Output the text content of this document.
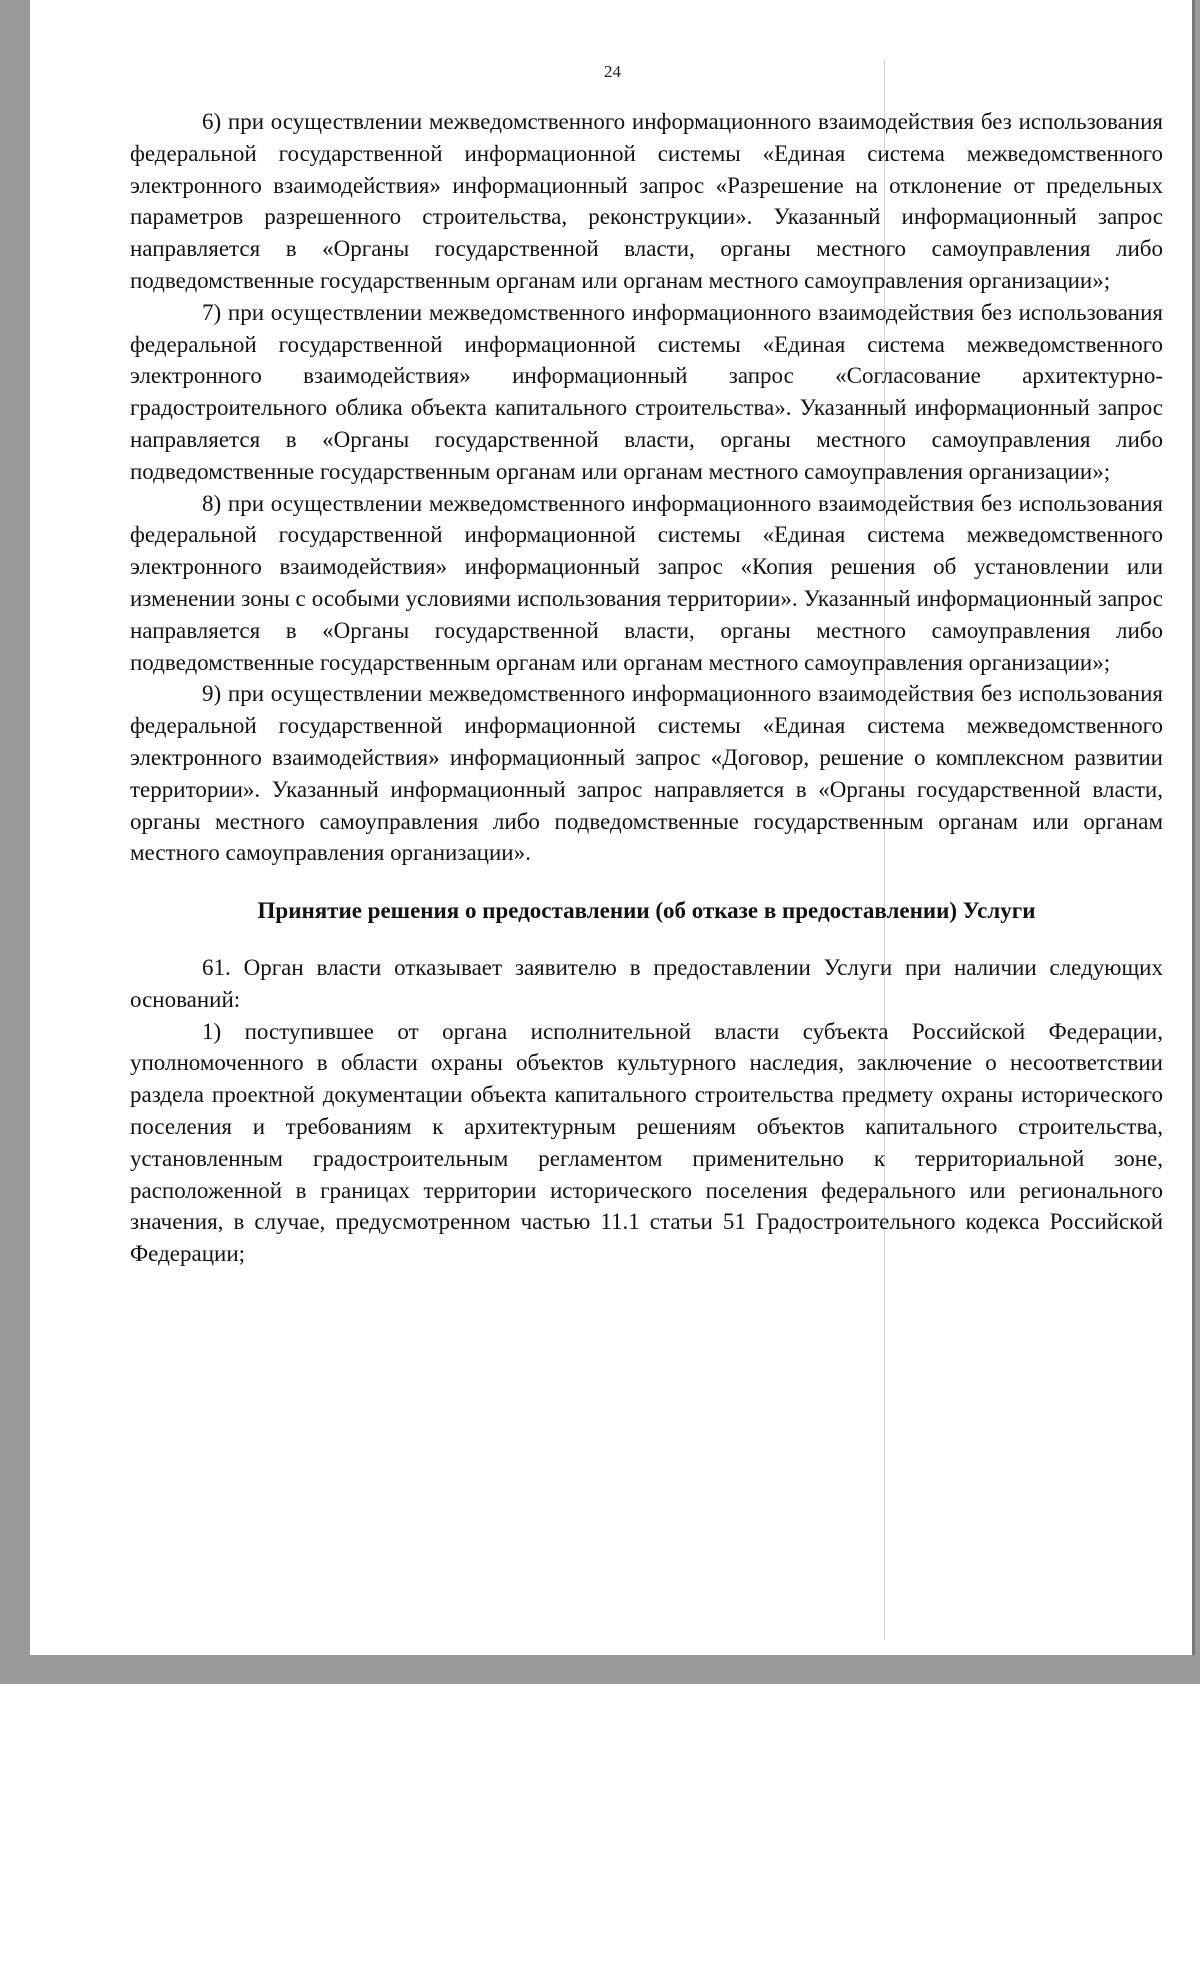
24

6) при осуществлении межведомственного информационного взаимодействия без использования федеральной государственной информационной системы «Единая система межведомственного электронного взаимодействия» информационный запрос «Разрешение на отклонение от предельных параметров разрешенного строительства, реконструкции». Указанный информационный запрос направляется в «Органы государственной власти, органы местного самоуправления либо подведомственные государственным органам или органам местного самоуправления организации»;

7) при осуществлении межведомственного информационного взаимодействия без использования федеральной государственной информационной системы «Единая система межведомственного электронного взаимодействия» информационный запрос «Согласование архитектурно-градостроительного облика объекта капитального строительства». Указанный информационный запрос направляется в «Органы государственной власти, органы местного самоуправления либо подведомственные государственным органам или органам местного самоуправления организации»;

8) при осуществлении межведомственного информационного взаимодействия без использования федеральной государственной информационной системы «Единая система межведомственного электронного взаимодействия» информационный запрос «Копия решения об установлении или изменении зоны с особыми условиями использования территории». Указанный информационный запрос направляется в «Органы государственной власти, органы местного самоуправления либо подведомственные государственным органам или органам местного самоуправления организации»;

9) при осуществлении межведомственного информационного взаимодействия без использования федеральной государственной информационной системы «Единая система межведомственного электронного взаимодействия» информационный запрос «Договор, решение о комплексном развитии территории». Указанный информационный запрос направляется в «Органы государственной власти, органы местного самоуправления либо подведомственные государственным органам или органам местного самоуправления организации».

Принятие решения о предоставлении (об отказе в предоставлении) Услуги

61. Орган власти отказывает заявителю в предоставлении Услуги при наличии следующих оснований:

1) поступившее от органа исполнительной власти субъекта Российской Федерации, уполномоченного в области охраны объектов культурного наследия, заключение о несоответствии раздела проектной документации объекта капитального строительства предмету охраны исторического поселения и требованиям к архитектурным решениям объектов капитального строительства, установленным градостроительным регламентом применительно к территориальной зоне, расположенной в границах территории исторического поселения федерального или регионального значения, в случае, предусмотренном частью 11.1 статьи 51 Градостроительного кодекса Российской Федерации;
